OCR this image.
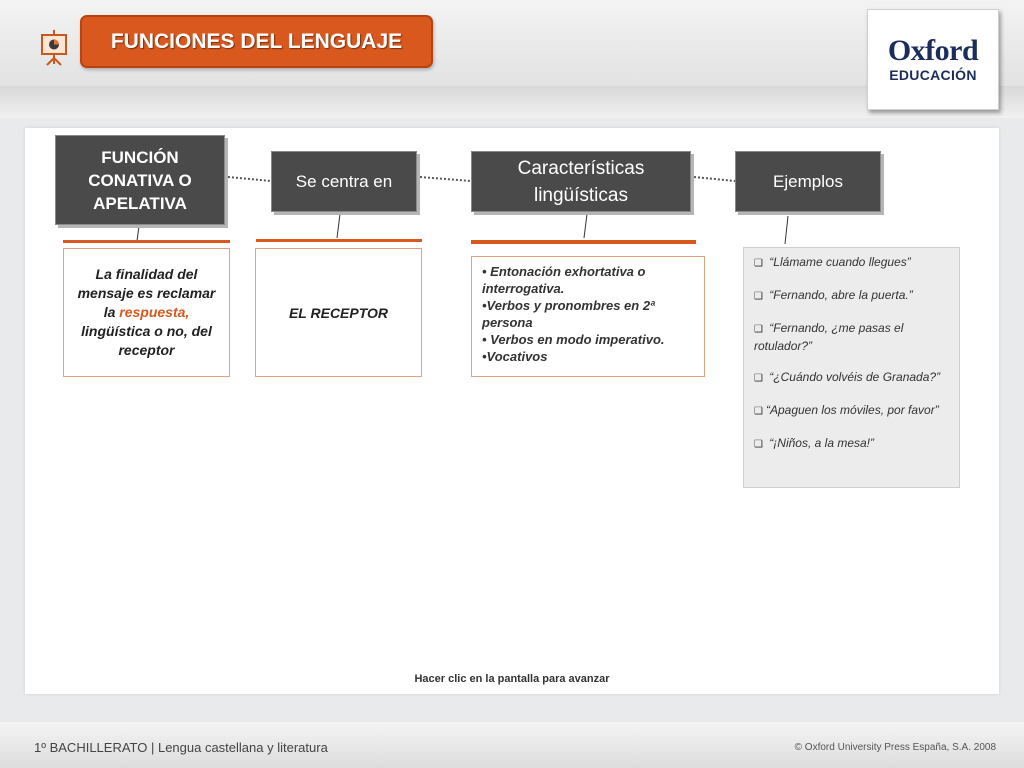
FUNCIONES DEL LENGUAJE	Oxford
EDUCACIÓN
FUNCIÓN
CONATIVA O
APELATIVA
Se centra en
Características
lingüísticas
Ejemplos
La finalidad del mensaje es reclamar la respuesta, lingüística o no, del receptor
EL RECEPTOR
• Entonación exhortativa o interrogativa.
•Verbos y pronombres en 2ª persona
• Verbos en modo imperativo.
•Vocativos
❑ “Llámame cuando llegues”
❑ “Fernando, abre la puerta.”
❑ “Fernando, ¿me pasas el rotulador?”
❑ “¿Cuándo volvéis de Granada?”
❑ “Apaguen los móviles, por favor”
❑ “¡Niños, a la mesa!”
Hacer clic en la pantalla para avanzar
1º BACHILLERATO | Lengua castellana y literatura	© Oxford University Press España, S.A. 2008
